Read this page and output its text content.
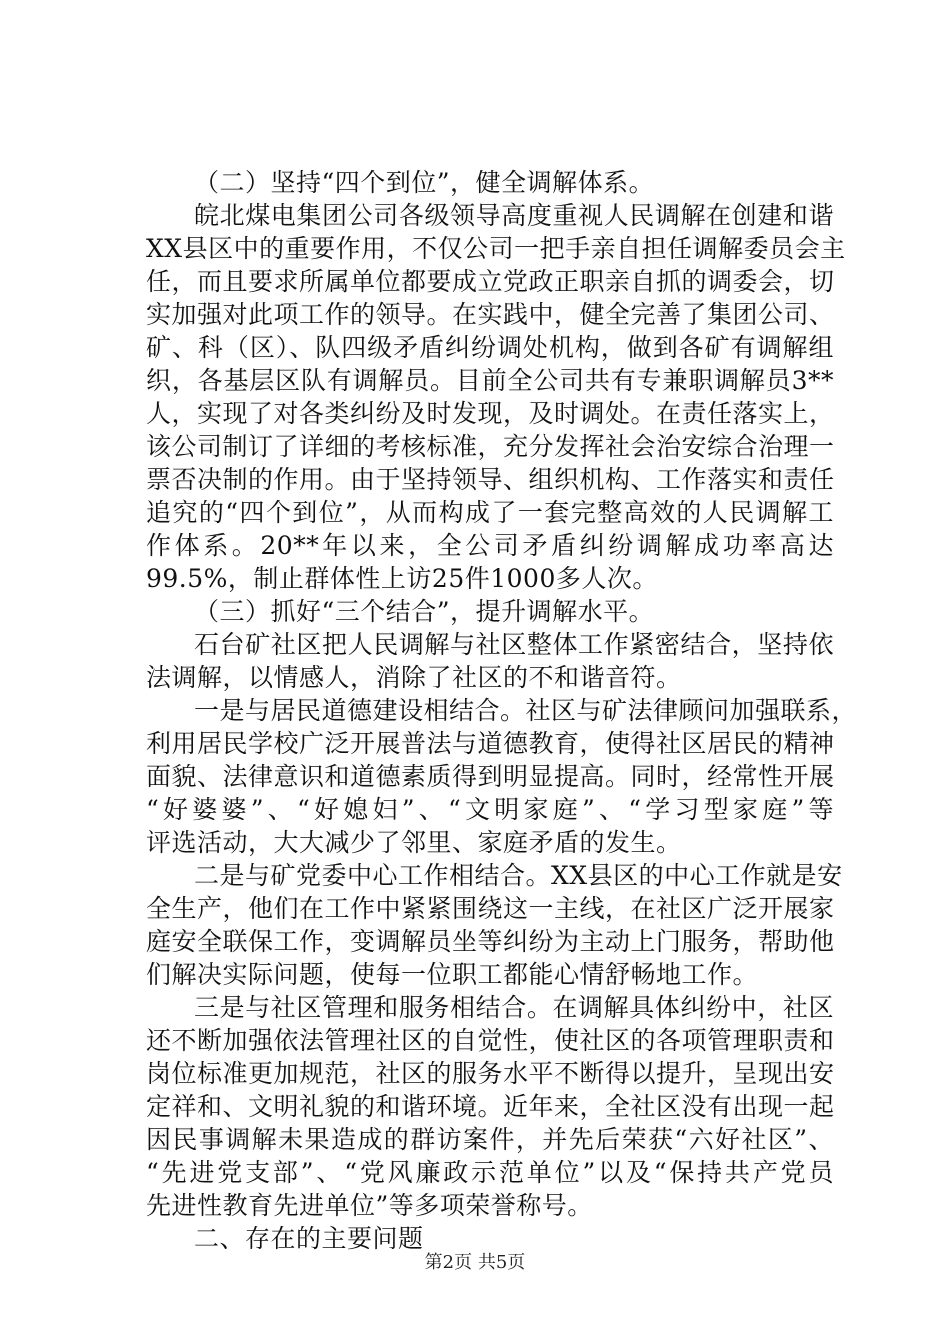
（二）坚持“四个到位”，健全调解体系。
皖北煤电集团公司各级领导高度重视人民调解在创建和谐
XX县区中的重要作用，不仅公司一把手亲自担任调解委员会主
任，而且要求所属单位都要成立党政正职亲自抓的调委会，切
实加强对此项工作的领导。在实践中，健全完善了集团公司、
矿、科（区）、队四级矛盾纠纷调处机构，做到各矿有调解组
织，各基层区队有调解员。目前全公司共有专兼职调解员3**
人，实现了对各类纠纷及时发现，及时调处。在责任落实上，
该公司制订了详细的考核标准，充分发挥社会治安综合治理一
票否决制的作用。由于坚持领导、组织机构、工作落实和责任
追究的“四个到位”，从而构成了一套完整高效的人民调解工
作体系。20**年以来，全公司矛盾纠纷调解成功率高达
99.5%，制止群体性上访25件1000多人次。
（三）抓好“三个结合”，提升调解水平。
石台矿社区把人民调解与社区整体工作紧密结合，坚持依
法调解，以情感人，消除了社区的不和谐音符。
一是与居民道德建设相结合。社区与矿法律顾问加强联系，
利用居民学校广泛开展普法与道德教育，使得社区居民的精神
面貌、法律意识和道德素质得到明显提高。同时，经常性开展
“好婆婆”、“好媳妇”、“文明家庭”、“学习型家庭”等
评选活动，大大减少了邻里、家庭矛盾的发生。
二是与矿党委中心工作相结合。XX县区的中心工作就是安
全生产，他们在工作中紧紧围绕这一主线，在社区广泛开展家
庭安全联保工作，变调解员坐等纠纷为主动上门服务，帮助他
们解决实际问题，使每一位职工都能心情舒畅地工作。
三是与社区管理和服务相结合。在调解具体纠纷中，社区
还不断加强依法管理社区的自觉性，使社区的各项管理职责和
岗位标准更加规范，社区的服务水平不断得以提升，呈现出安
定祥和、文明礼貌的和谐环境。近年来，全社区没有出现一起
因民事调解未果造成的群访案件，并先后荣获“六好社区”、
“先进党支部”、“党风廉政示范单位”以及“保持共产党员
先进性教育先进单位”等多项荣誉称号。
二、存在的主要问题
第2页 共5页
